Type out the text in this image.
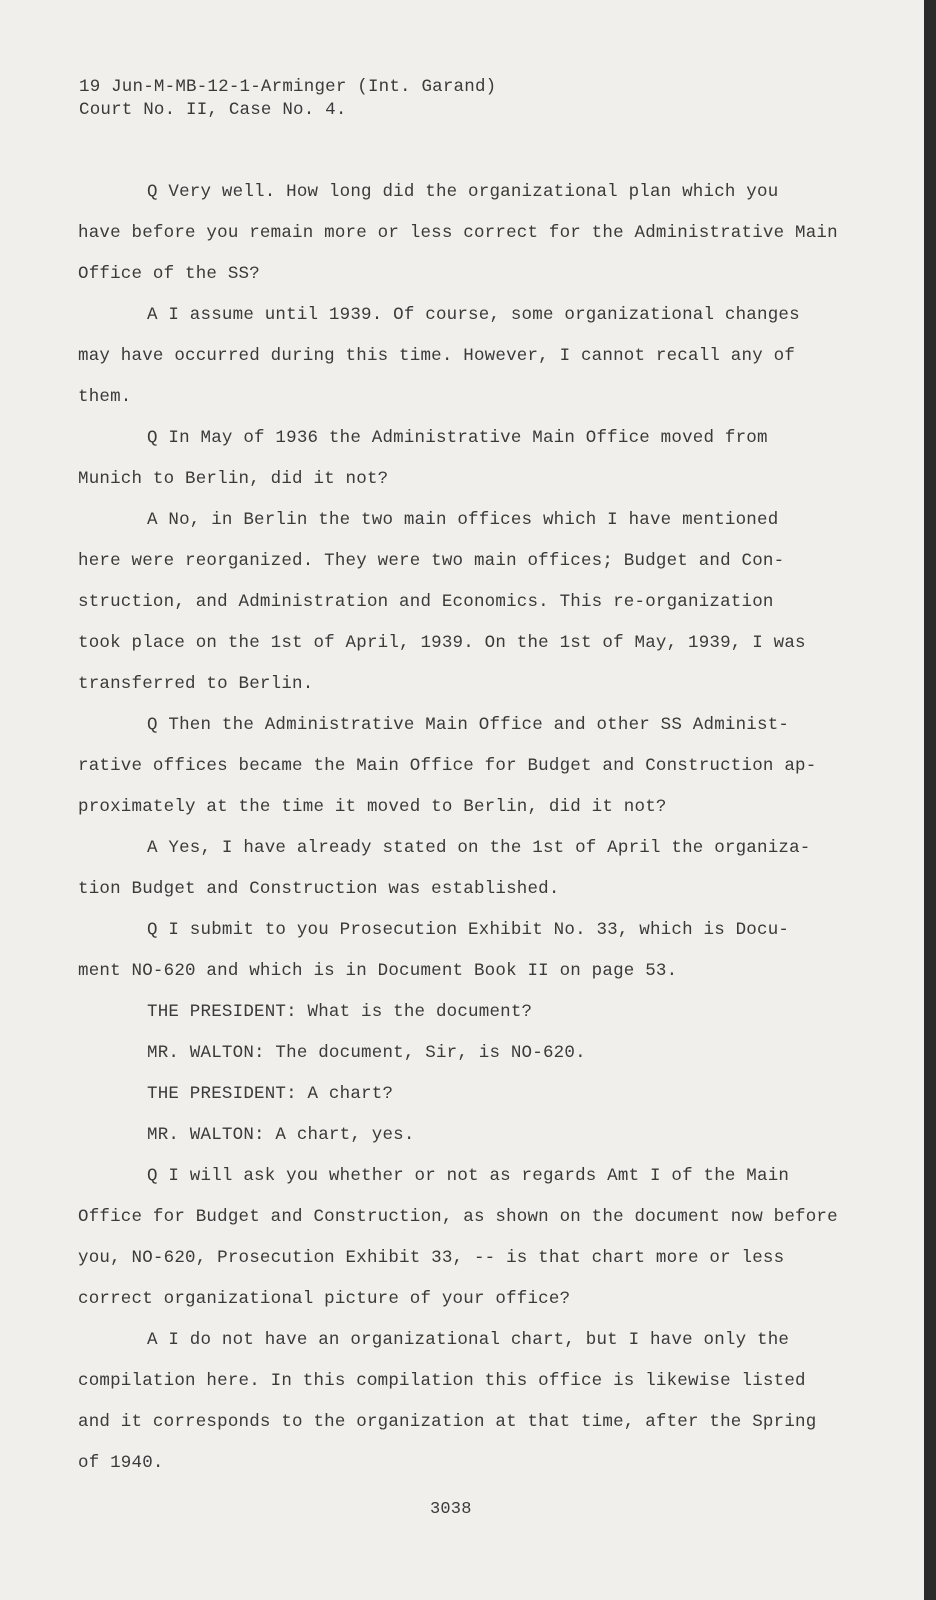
19 Jun-M-MB-12-1-Arminger (Int. Garand)
Court No. II, Case No. 4.
Q Very well. How long did the organizational plan which you
have before you remain more or less correct for the Administrative Main
Office of the SS?
A I assume until 1939. Of course, some organizational changes
may have occurred during this time. However, I cannot recall any of
them.
Q In May of 1936 the Administrative Main Office moved from
Munich to Berlin, did it not?
A No, in Berlin the two main offices which I have mentioned
here were reorganized. They were two main offices; Budget and Con-
struction, and Administration and Economics. This re-organization
took place on the 1st of April, 1939. On the 1st of May, 1939, I was
transferred to Berlin.
Q Then the Administrative Main Office and other SS Administ-
rative offices became the Main Office for Budget and Construction ap-
proximately at the time it moved to Berlin, did it not?
A Yes, I have already stated on the 1st of April the organiza-
tion Budget and Construction was established.
Q I submit to you Prosecution Exhibit No. 33, which is Docu-
ment NO-620 and which is in Document Book II on page 53.
THE PRESIDENT: What is the document?
MR. WALTON: The document, Sir, is NO-620.
THE PRESIDENT: A chart?
MR. WALTON: A chart, yes.
Q I will ask you whether or not as regards Amt I of the Main
Office for Budget and Construction, as shown on the document now before
you, NO-620, Prosecution Exhibit 33, -- is that chart more or less
correct organizational picture of your office?
A I do not have an organizational chart, but I have only the
compilation here. In this compilation this office is likewise listed
and it corresponds to the organization at that time, after the Spring
of 1940.
3038
